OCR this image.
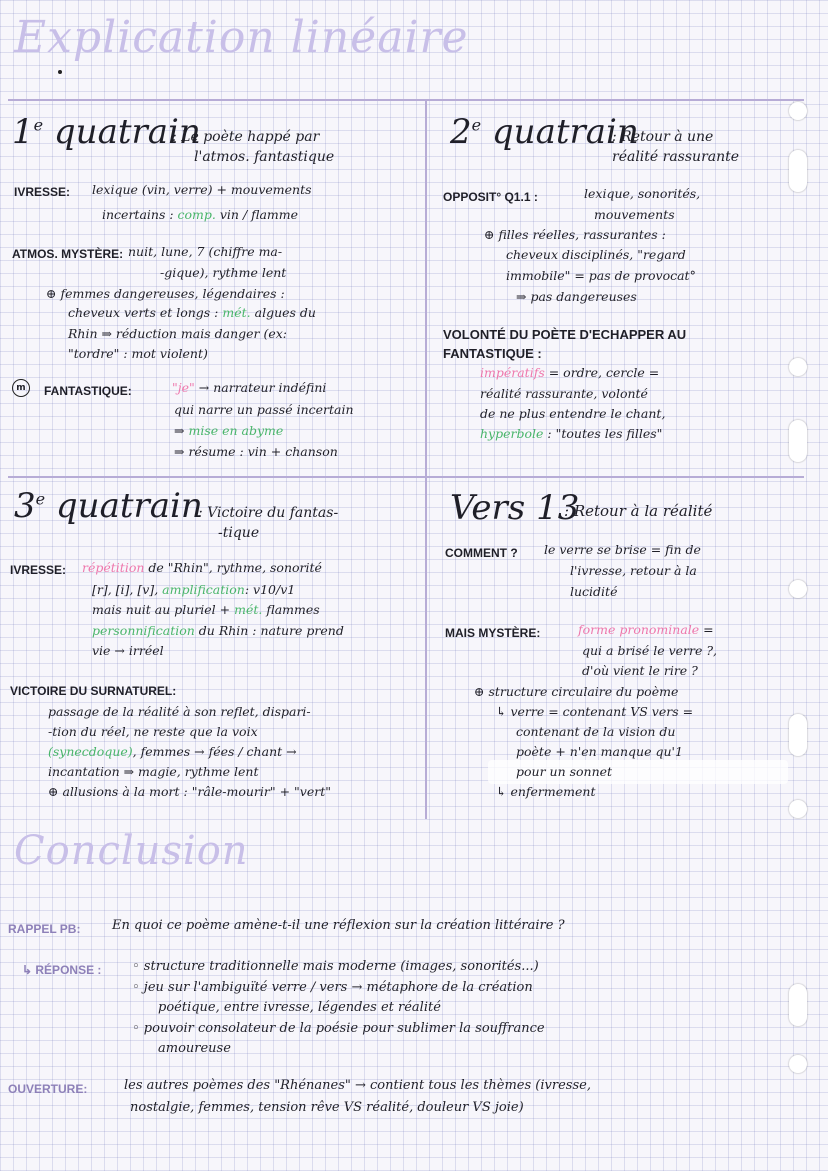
Explication linéaire
1e quatrain
: Le poète happé par
l'atmos. fantastique
IVRESSE: lexique (vin, verre) + mouvements
incertains : comp. vin / flamme
ATMOS. MYSTÈRE: nuit, lune, 7 (chiffre ma-
-gique), rythme lent
⊕ femmes dangereuses, légendaires :
cheveux verts et longs : mét. algues du
Rhin ⇒ réduction mais danger (ex:
"tordre" : mot violent)
m	FANTASTIQUE:	"je" → narrateur indéfini
qui narre un passé incertain
⇒ mise en abyme
⇒ résume : vin + chanson
2e quatrain
: Retour à une
réalité rassurante
OPPOSIT° Q1.1 :	lexique, sonorités,
mouvements
⊕ filles réelles, rassurantes :
cheveux disciplinés, "regard
immobile" = pas de provocat°
⇒ pas dangereuses
VOLONTÉ DU POÈTE D'ECHAPPER AU
FANTASTIQUE :
impératifs = ordre, cercle =
réalité rassurante, volonté
de ne plus entendre le chant,
hyperbole : "toutes les filles"
3e quatrain
: Victoire du fantas-
-tique
IVRESSE: répétition de "Rhin", rythme, sonorité
[r], [i], [v], amplification: v10/v1
mais nuit au pluriel + mét. flammes
personnification du Rhin : nature prend
vie → irréel
VICTOIRE DU SURNATUREL:
passage de la réalité à son reflet, dispari-
-tion du réel, ne reste que la voix
(synecdoque), femmes → fées / chant →
incantation ⇒ magie, rythme lent
⊕ allusions à la mort : "râle-mourir" + "vert"
Vers 13
: Retour à la réalité
COMMENT ? le verre se brise = fin de
l'ivresse, retour à la
lucidité
MAIS MYSTÈRE:	forme pronominale =
qui a brisé le verre ?,
d'où vient le rire ?
⊕ structure circulaire du poème
↳ verre = contenant VS vers =
contenant de la vision du
poète + n'en manque qu'1
pour un sonnet
↳ enfermement
Conclusion
RAPPEL PB: En quoi ce poème amène-t-il une réflexion sur la création littéraire ?
↳ RÉPONSE : ◦ structure traditionnelle mais moderne (images, sonorités...)
◦ jeu sur l'ambiguïté verre / vers → métaphore de la création
poétique, entre ivresse, légendes et réalité
◦ pouvoir consolateur de la poésie pour sublimer la souffrance
amoureuse
OUVERTURE:	les autres poèmes des "Rhénanes" → contient tous les thèmes (ivresse,
nostalgie, femmes, tension rêve VS réalité, douleur VS joie)
